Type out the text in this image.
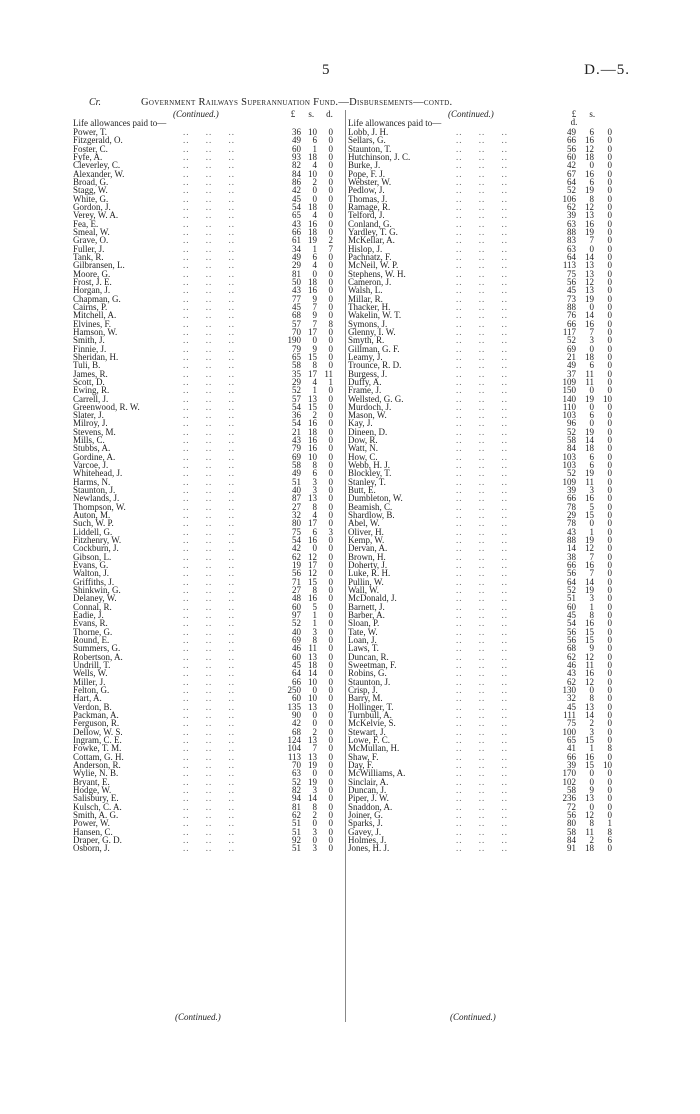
5	D.—5.
Cr.	Government Railways Superannuation Fund.—Disbursements—contd.
(Continued.)	£ s. d.
Life allowances paid to—
Power, T.	36 10	0
..     ..     ..
Fitzgerald, O.	49	6	0
..     ..     ..
Foster, C.	60	1	0
..     ..     ..
Fyfe, A.	93 18	0
..     ..     ..
Cleverley, C.	82	4	0
..     ..     ..
Alexander, W.	84 10	0
..     ..     ..
Broad, G.	86	2	0
..     ..     ..
Stagg, W.	42	0	0
..     ..     ..
White, G.	45	0	0
..     ..     ..
Gordon, J.	54 18	0
..     ..     ..
Verey, W. A.	65	4	0
..     ..     ..
Fea, E.	43 16	0
..     ..     ..
Smeal, W.	66 18	0
..     ..     ..
Grave, O.	61 19	2
..     ..     ..
Fuller, J.	34	1	7
..     ..     ..
Tank, R.	49	6	0
..     ..     ..
Gilbransen, L.	29	4	0
..     ..     ..
Moore, G.	81	0	0
..     ..     ..
Frost, J. E.	50 18	0
..     ..     ..
Horgan, J.	43 16	0
..     ..     ..
Chapman, G.	77	9	0
..     ..     ..
Cairns, P.	45	7	0
..     ..     ..
Mitchell, A.	68	9	0
..     ..     ..
Elvines, F.	57	7	8
..     ..     ..
Hamson, W.	70 17	0
..     ..     ..
Smith, J.	190	0	0
..     ..     ..
Finnie, J.	79	9	0
..     ..     ..
Sheridan, H.	65 15	0
..     ..     ..
Tuli, B.	58	8	0
..     ..     ..
James, R.	35 17 11
..     ..     ..
Scott, D.	29	4	1
..     ..     ..
Ewing, R.	52	1	0
..     ..     ..
Carrell, J.	57 13	0
..     ..     ..
Greenwood, R. W.	54 15	0
..     ..     ..
Slater, J.	36	2	0
..     ..     ..
Milroy, J.	54 16	0
..     ..     ..
Stevens, M.	21 18	0
..     ..     ..
Mills, C.	43 16	0
..     ..     ..
Stubbs, A.	79 16	0
..     ..     ..
Gordine, A.	69 10	0
..     ..     ..
Varcoe, J.	58	8	0
..     ..     ..
Whitehead, J.	49	6	0
..     ..     ..
Harms, N.	51	3	0
..     ..     ..
Staunton, J.	40	3	0
..     ..     ..
Newlands, J.	87 13	0
..     ..     ..
Thompson, W.	27	8	0
..     ..     ..
Auton, M.	32	4	0
..     ..     ..
Such, W. P.	80 17	0
..     ..     ..
Liddell, G.	75	6	3
..     ..     ..
Fitzhenry, W.	54 16	0
..     ..     ..
Cockburn, J.	42	0	0
..     ..     ..
Gibson, L.	62 12	0
..     ..     ..
Evans, G.	19 17	0
..     ..     ..
Walton, J.	56 12	0
..     ..     ..
Griffiths, J.	71 15	0
..     ..     ..
Shinkwin, G.	27	8	0
..     ..     ..
Delaney, W.	48 16	0
..     ..     ..
Connal, R.	60	5	0
..     ..     ..
Eadie, J.	97	1	0
..     ..     ..
Evans, R.	52	1	0
..     ..     ..
Thorne, G.	40	3	0
..     ..     ..
Round, E.	69	8	0
..     ..     ..
Summers, G.	46 11	0
..     ..     ..
Robertson, A.	60 13	0
..     ..     ..
Undrill, T.	45 18	0
..     ..     ..
Wells, W.	64 14	0
..     ..     ..
Miller, J.	66 10	0
..     ..     ..
Felton, G.	250	0	0
..     ..     ..
Hart, A.	60 10	0
..     ..     ..
Verdon, B.	135 13	0
..     ..     ..
Packman, A.	90	0	0
..     ..     ..
Ferguson, R.	42	0	0
..     ..     ..
Dellow, W. S.	68	2	0
..     ..     ..
Ingram, C. E.	124 13	0
..     ..     ..
Fowke, T. M.	104	7	0
..     ..     ..
Cottam, G. H.	113 13	0
..     ..     ..
Anderson, R.	70 19	0
..     ..     ..
Wylie, N. B.	63	0	0
..     ..     ..
Bryant, E.	52 19	0
..     ..     ..
Hodge, W.	82	3	0
..     ..     ..
Salisbury, E.	94 14	0
..     ..     ..
Kulsch, C. A.	81	8	0
..     ..     ..
Smith, A. G.	62	2	0
..     ..     ..
Power, W.	51	0	0
..     ..     ..
Hansen, C.	51	3	0
..     ..     ..
Draper, G. D.	92	0	0
..     ..     ..
Osborn, J.	51	3	0
..     ..     ..
(Continued.)	£ s. d.
Life allowances paid to—
Lobb, J. H.	49	6	0
..     ..     ..
Sellars, G.	66	16	0
..     ..     ..
Staunton, T.	56	12	0
..     ..     ..
Hutchinson, J. C.	60	18	0
..     ..     ..
Burke, J.	42	0	0
..     ..     ..
Pope, F. J.	67	16	0
..     ..     ..
Webster, W.	64	6	0
..     ..     ..
Pedlow, J.	52	19	0
..     ..     ..
Thomas, J.	106	8	0
..     ..     ..
Ramage, R.	62	12	0
..     ..     ..
Telford, J.	39	13	0
..     ..     ..
Conland, G.	63	16	0
..     ..     ..
Yardley, T. G.	88	19	0
..     ..     ..
McKellar, A.	83	7	0
..     ..     ..
Hislop, J.	63	0	0
..     ..     ..
Pachnatz, F.	64	14	0
..     ..     ..
McNeil, W. P.	113	13	0
..     ..     ..
Stephens, W. H.	75	13	0
..     ..     ..
Cameron, J.	56	12	0
..     ..     ..
Walsh, L.	45	13	0
..     ..     ..
Millar, R.	73	19	0
..     ..     ..
Thacker, H.	88	0	0
..     ..     ..
Wakelin, W. T.	76	14	0
..     ..     ..
Symons, J.	66	16	0
..     ..     ..
Glenny, I. W.	117	7	0
..     ..     ..
Smyth, R.	52	3	0
..     ..     ..
Gillman, G. F.	69	0	0
..     ..     ..
Leamy, J.	21	18	0
..     ..     ..
Trounce, R. D.	49	6	0
..     ..     ..
Burgess, J.	37	11	0
..     ..     ..
Duffy, A.	109	11	0
..     ..     ..
Frame, J.	150	0	0
..     ..     ..
Wellsted, G. G.	140	19	10
..     ..     ..
Murdoch, J.	110	0	0
..     ..     ..
Mason, W.	103	6	0
..     ..     ..
Kay, J.	96	0	0
..     ..     ..
Dineen, D.	52	19	0
..     ..     ..
Dow, R.	58	14	0
..     ..     ..
Watt, N.	84	18	0
..     ..     ..
How, C.	103	6	0
..     ..     ..
Webb, H. J.	103	6	0
..     ..     ..
Blockley, T.	52	19	0
..     ..     ..
Stanley, T.	109	11	0
..     ..     ..
Butt, E.	39	3	0
..     ..     ..
Dumbleton, W.	66	16	0
..     ..     ..
Beamish, C.	78	5	0
..     ..     ..
Shardlow, B.	29	15	0
..     ..     ..
Abel, W.	78	0	0
..     ..     ..
Oliver, H.	43	1	0
..     ..     ..
Kemp, W.	88	19	0
..     ..     ..
Dervan, A.	14	12	0
..     ..     ..
Brown, H.	38	7	0
..     ..     ..
Doherty, J.	66	16	0
..     ..     ..
Luke, R. H.	56	7	0
..     ..     ..
Pullin, W.	64	14	0
..     ..     ..
Wall, W.	52	19	0
..     ..     ..
McDonald, J.	51	3	0
..     ..     ..
Barnett, J.	60	1	0
..     ..     ..
Barber, A.	45	8	0
..     ..     ..
Sloan, P.	54	16	0
..     ..     ..
Tate, W.	56	15	0
..     ..     ..
Loan, J.	56	15	0
..     ..     ..
Laws, T.	68	9	0
..     ..     ..
Duncan, R.	62	12	0
..     ..     ..
Sweetman, F.	46	11	0
..     ..     ..
Robins, G.	43	16	0
..     ..     ..
Staunton, J.	62	12	0
..     ..     ..
Crisp, J.	130	0	0
..     ..     ..
Barry, M.	32	8	0
..     ..     ..
Hollinger, T.	45	13	0
..     ..     ..
Turnbull, A.	111	14	0
..     ..     ..
McKelvie, S.	75	2	0
..     ..     ..
Stewart, J.	100	3	0
..     ..     ..
Lowe, F. C.	65	15	0
..     ..     ..
McMullan, H.	41	1	8
..     ..     ..
Shaw, F.	66	16	0
..     ..     ..
Day, F.	39	15	10
..     ..     ..
McWilliams, A.	170	0	0
..     ..     ..
Sinclair, A.	102	0	0
..     ..     ..
Duncan, J.	58	9	0
..     ..     ..
Piper, J. W.	236	13	0
..     ..     ..
Snaddon, A.	72	0	0
..     ..     ..
Joiner, G.	56	12	0
..     ..     ..
Sparks, J.	80	8	1
..     ..     ..
Gavey, J.	58	11	8
..     ..     ..
Holmes, J.	84	2	6
..     ..     ..
Jones, H. J.	91	18	0
..     ..     ..
(Continued.)	(Continued.)
